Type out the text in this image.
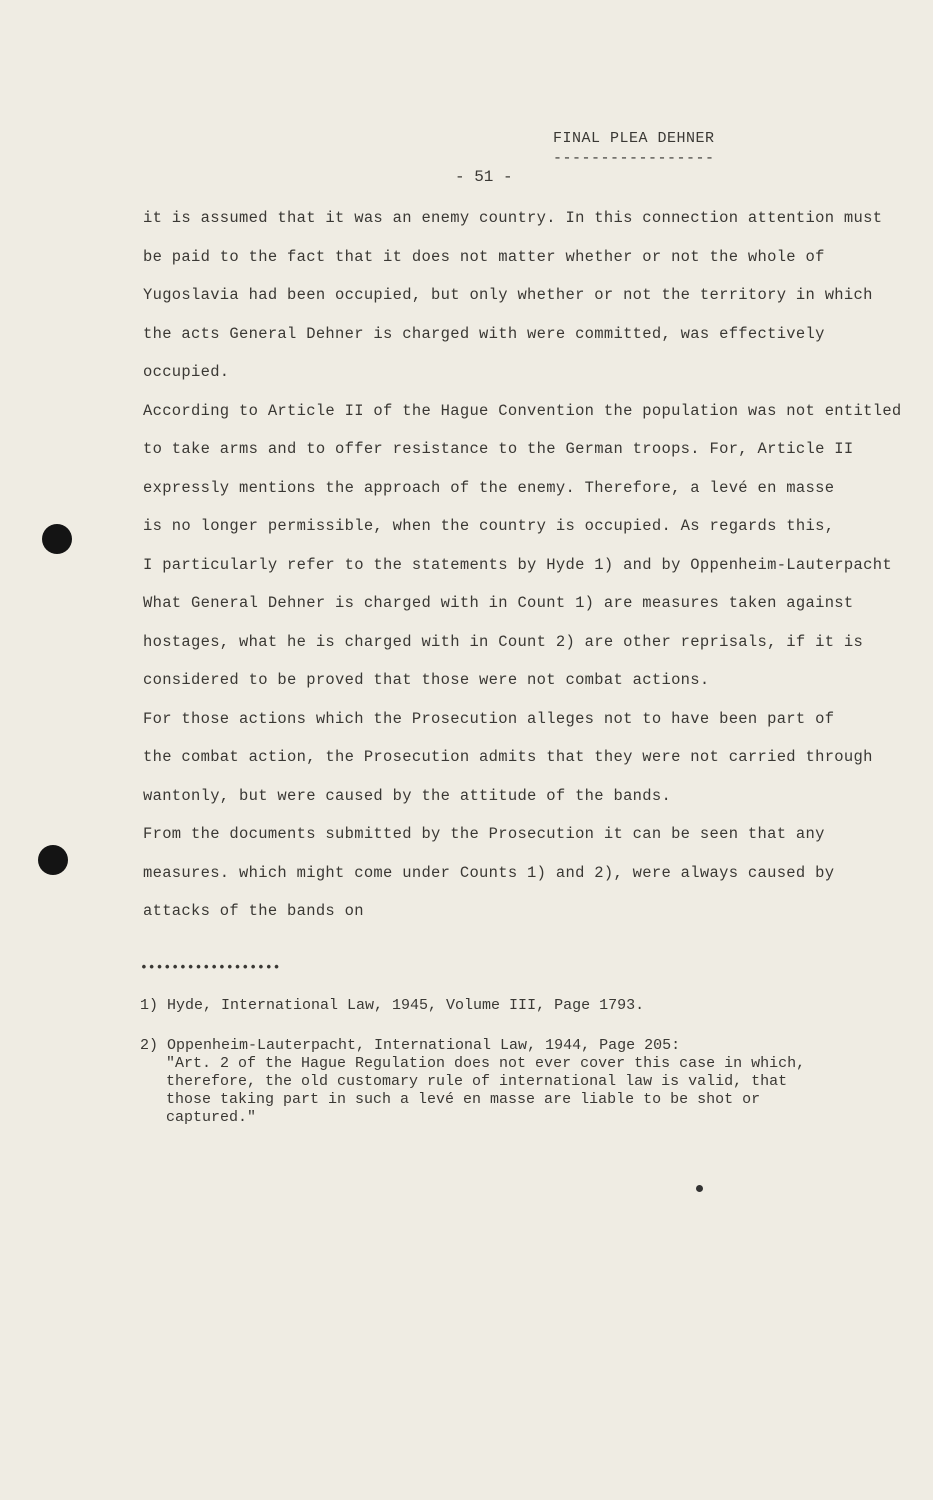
FINAL PLEA DEHNER
-----------------
- 51 -
it is assumed that it was an enemy country. In this connection attention must
be paid to the fact that it does not matter whether or not the whole of
Yugoslavia had been occupied, but only whether or not the territory in which
the acts General Dehner is charged with were committed, was effectively
occupied.
According to Article II of the Hague Convention the population was not entitled
to take arms and to offer resistance to the German troops. For, Article II
expressly mentions the approach of the enemy. Therefore, a levé en masse
is no longer permissible, when the country is occupied. As regards this,
I particularly refer to the statements by Hyde 1) and by Oppenheim-Lauterpacht
What General Dehner is charged with in Count 1) are measures taken against
hostages, what he is charged with in Count 2) are other reprisals, if it is
considered to be proved that those were not combat actions.
For those actions which the Prosecution alleges not to have been part of
the combat action, the Prosecution admits that they were not carried through
wantonly, but were caused by the attitude of the bands.
From the documents submitted by the Prosecution it can be seen that any
measures. which might come under Counts 1) and 2), were always caused by
attacks of the bands on
••••••••••••••••••
1) Hyde, International Law, 1945, Volume III, Page 1793.
2) Oppenheim-Lauterpacht, International Law, 1944, Page 205:
"Art. 2 of the Hague Regulation does not ever cover this case in which,
therefore, the old customary rule of international law is valid, that
those taking part in such a levé en masse are liable to be shot or
captured."
